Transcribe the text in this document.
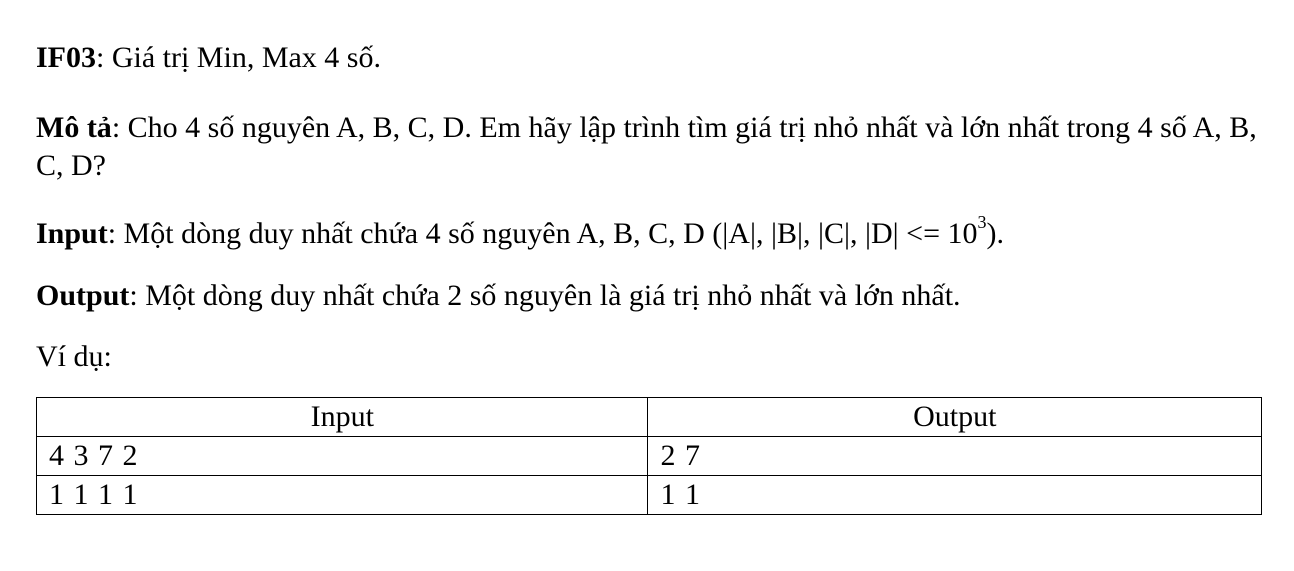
IF03: Giá trị Min, Max 4 số.
Mô tả: Cho 4 số nguyên A, B, C, D. Em hãy lập trình tìm giá trị nhỏ nhất và lớn nhất trong 4 số A, B, C, D?
Input: Một dòng duy nhất chứa 4 số nguyên A, B, C, D (|A|, |B|, |C|, $|D| <= 10^3$).
Output: Một dòng duy nhất chứa 2 số nguyên là giá trị nhỏ nhất và lớn nhất.
Ví dụ:
Input	Output
4 3 7 2	2 7
1 1 1 1	1 1
